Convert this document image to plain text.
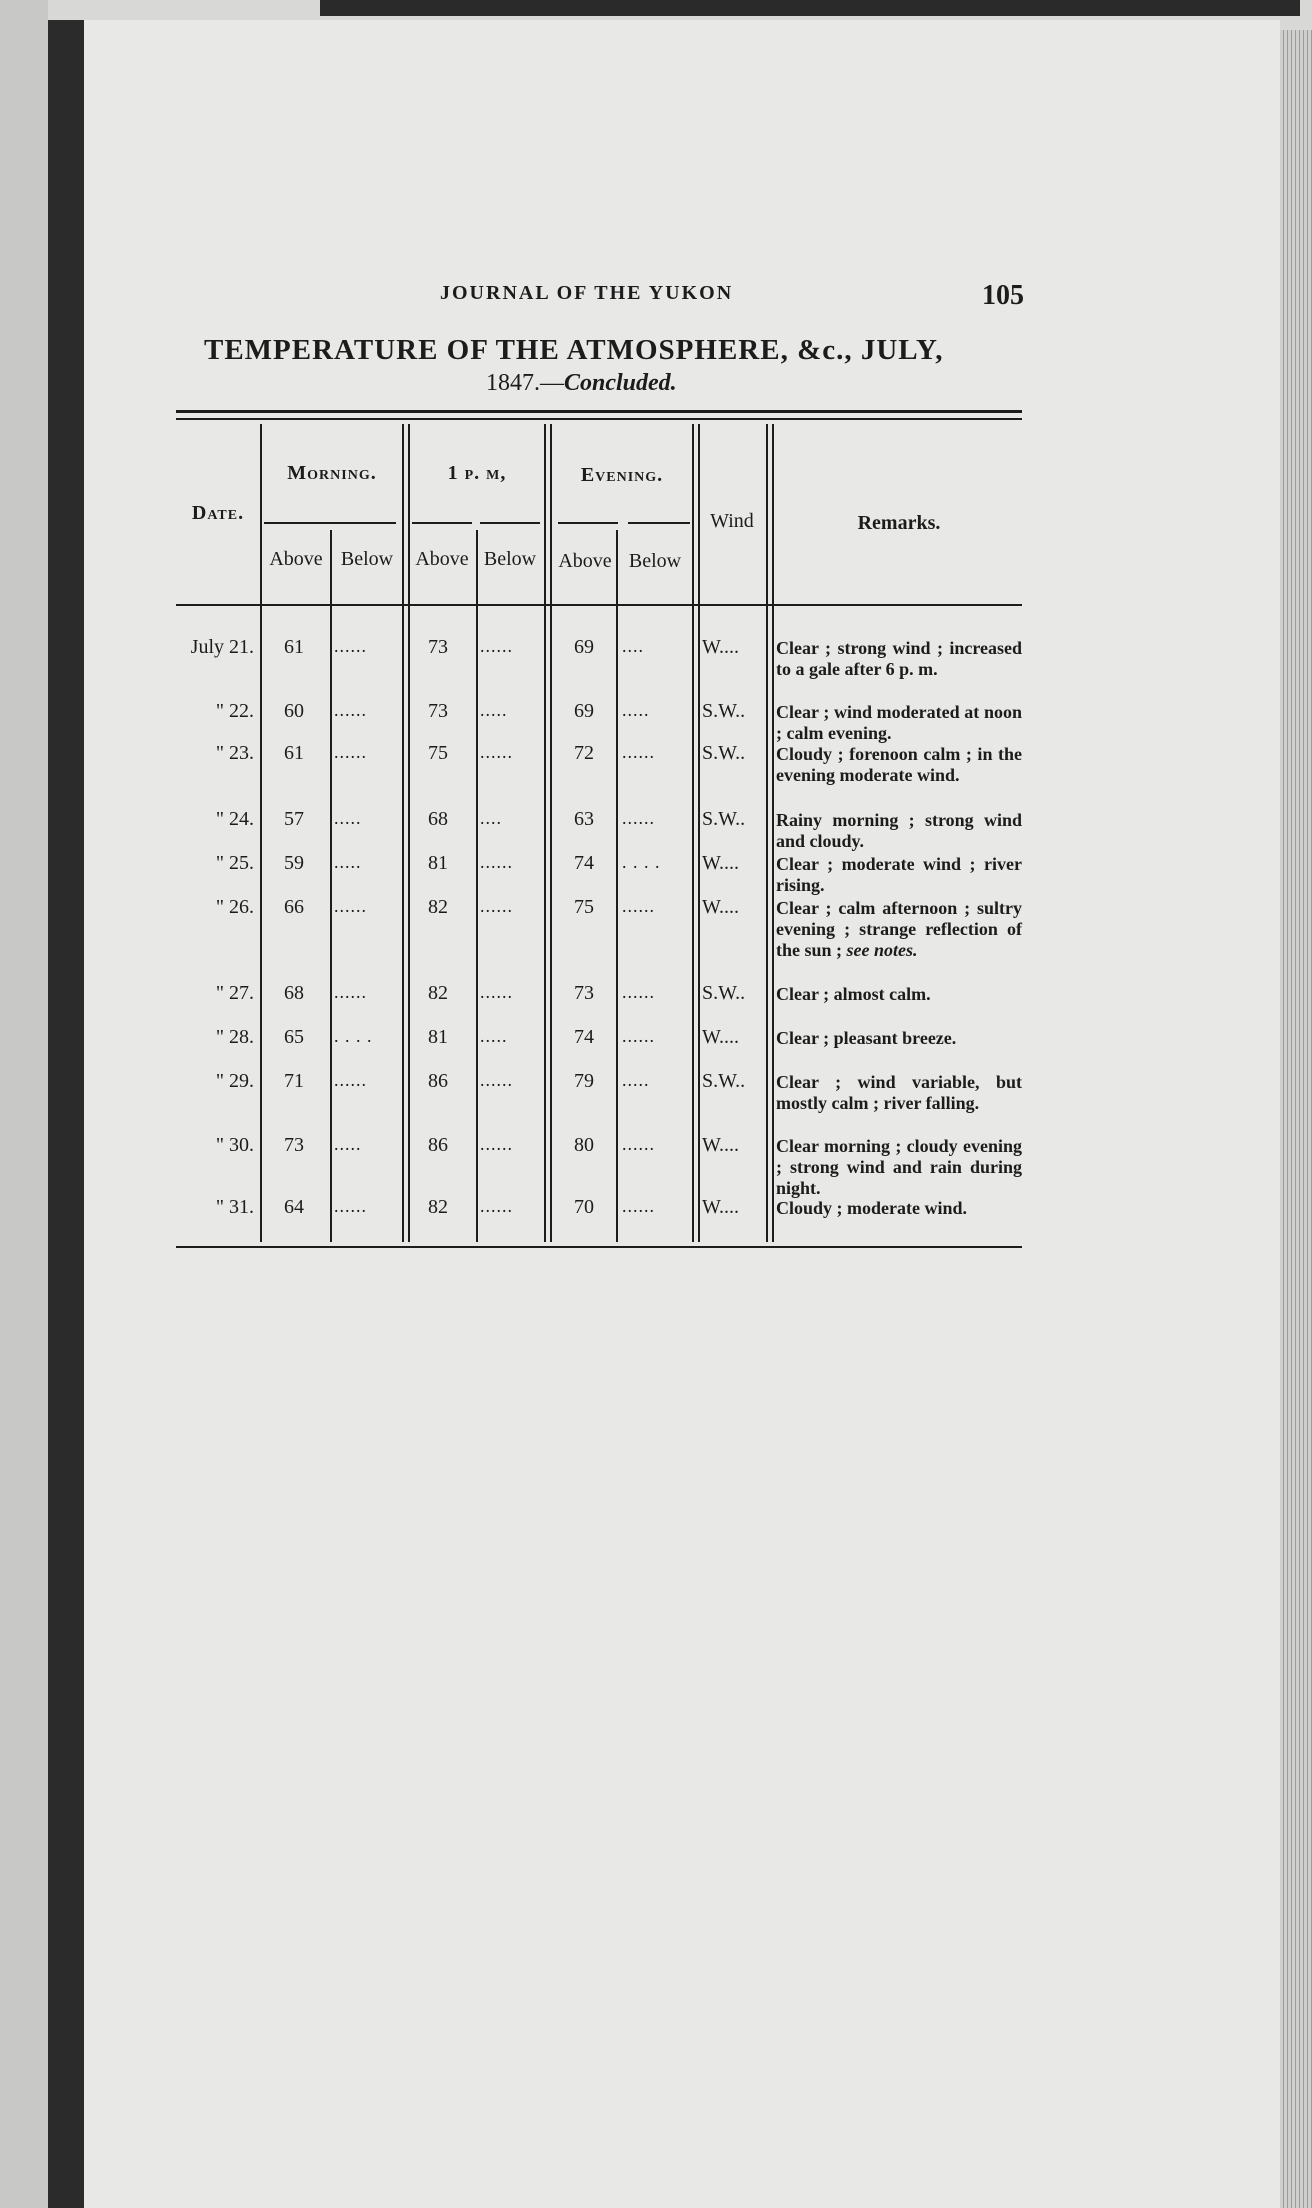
JOURNAL OF THE YUKON	105
TEMPERATURE OF THE ATMOSPHERE, &c., JULY,
1847.—Concluded.
Date.
Morning.	1 p. m,	Evening.
Wind	Remarks.
Above Below	Above Below	Above Below
July 21.	61	......	73	......	69	....	W....	Clear ; strong wind ; increased to a gale after 6 p. m.
" 22.	60	......	73	.....	69	.....	S.W..	Clear ; wind moderated at noon ; calm evening.
" 23.	61	......	75	......	72	......	S.W..	Cloudy ; forenoon calm ; in the evening moderate wind.
" 24.	57	.....	68	....	63	......	S.W..	Rainy morning ; strong wind and cloudy.
" 25.	59	.....	81	......	74	. . . .	W....	Clear ; moderate wind ; river rising.
" 26.	66	......	82	......	75	......	W....	Clear ; calm afternoon ; sultry evening ; strange reflection of the sun ; see notes.
" 27.	68	......	82	......	73	......	S.W..	Clear ; almost calm.
" 28.	65	. . . .	81	.....	74	......	W....	Clear ; pleasant breeze.
" 29.	71	......	86	......	79	.....	S.W..	Clear ; wind variable, but mostly calm ; river falling.
" 30.	73	.....	86	......	80	......	W....	Clear morning ; cloudy evening ; strong wind and rain during night.
" 31.	64	......	82	......	70	......	W....	Cloudy ; moderate wind.
